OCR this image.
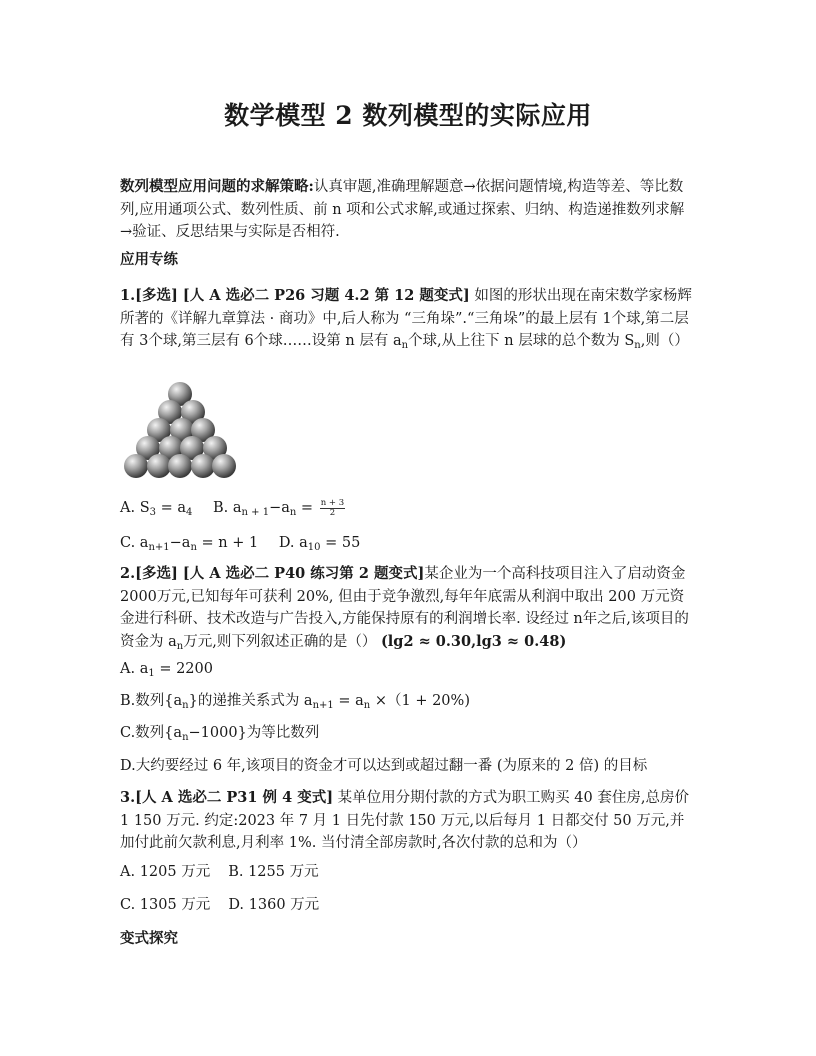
数学模型 2 数列模型的实际应用
数列模型应用问题的求解策略:认真审题,准确理解题意→依据问题情境,构造等差、等比数列,应用通项公式、数列性质、前 n 项和公式求解,或通过探索、归纳、构造递推数列求解 →验证、反思结果与实际是否相符.
应用专练
1.[多选] [人 A 选必二 P26 习题 4.2 第 12 题变式] 如图的形状出现在南宋数学家杨辉所著的《详解九章算法 · 商功》中,后人称为 “三角垛”.“三角垛”的最上层有 1个球,第二层有 3个球,第三层有 6个球……设第 n 层有 $a_n$个球,从上往下 n 层球的总个数为 $S_n$,则（）
A. $S_3 = a_4$ B. $a_{n + 1}-a_n = \frac{n + 3}{2}$
C. $a_{n+1}-a_n = n + 1$ D. $a_{10} = 55$
2.[多选] [人 A 选必二 P40 练习第 2 题变式]某企业为一个高科技项目注入了启动资金 2000万元,已知每年可获利 20%, 但由于竞争激烈,每年年底需从利润中取出 200 万元资金进行科研、技术改造与广告投入,方能保持原有的利润增长率. 设经过 n年之后,该项目的资金为 $a_n$万元,则下列叙述正确的是（） (lg2 ≈ 0.30,lg3 ≈ 0.48)
A. $a_1 = 2200$
B.数列$\{a_n\}$的递推关系式为 $a_{n+1} = a_n \times(1 + 20\%)$
C.数列$\{a_n-1000\}$为等比数列
D.大约要经过 6 年,该项目的资金才可以达到或超过翻一番 (为原来的 2 倍) 的目标
3.[人 A 选必二 P31 例 4 变式] 某单位用分期付款的方式为职工购买 40 套住房,总房价 1 150 万元. 约定:2023 年 7 月 1 日先付款 150 万元,以后每月 1 日都交付 50 万元,并加付此前欠款利息,月利率 1%. 当付清全部房款时,各次付款的总和为（）
A. 1205 万元 B. 1255 万元
C. 1305 万元 D. 1360 万元
变式探究
